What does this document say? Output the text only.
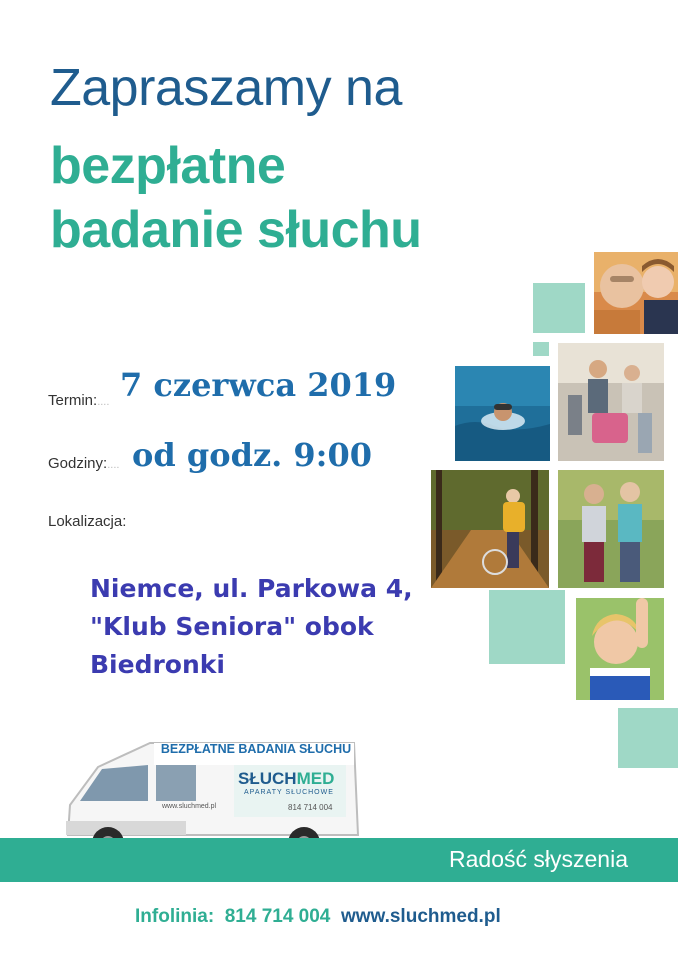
Zapraszamy na
bezpłatne
badanie słuchu
Termin:.... 7 czerwca 2019
Godziny:.... od godz. 9:00
Lokalizacja:
Niemce, ul. Parkowa 4,
"Klub Seniora" obok
Biedronki
BEZPŁATNE BADANIA SŁUCHU
SŁUCHMED
APARATY SŁUCHOWE
www.sluchmed.pl	814 714 004
Radość słyszenia
Infolinia: 814 714 004 www.sluchmed.pl
